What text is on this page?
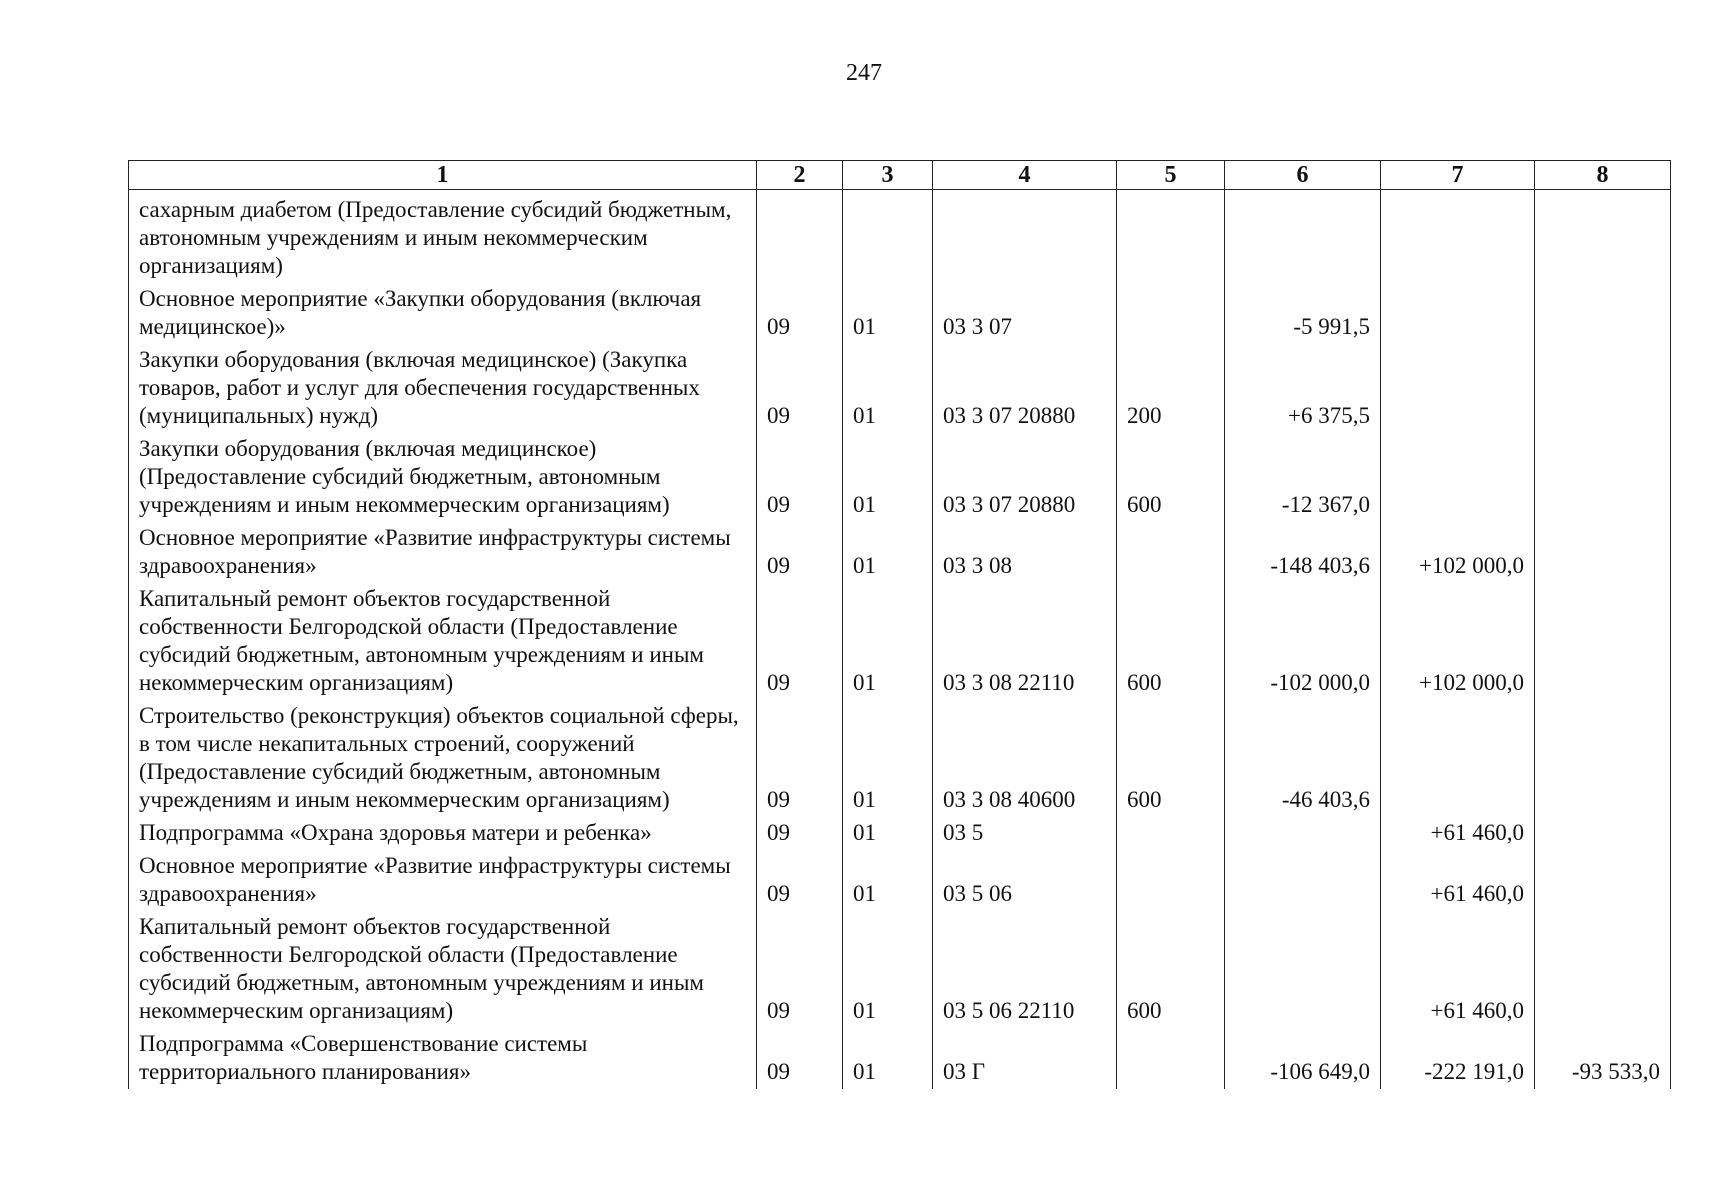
247
1	2	3	4	5	6	7	8
сахарным диабетом (Предоставление субсидий бюджетным, автономным учреждениям и иным некоммерческим организациям)							
Основное мероприятие «Закупки оборудования (включая медицинское)»	09	01	03 3 07		-5 991,5		
Закупки оборудования (включая медицинское) (Закупка товаров, работ и услуг для обеспечения государственных (муниципальных) нужд)	09	01	03 3 07 20880	200	+6 375,5		
Закупки оборудования (включая медицинское) (Предоставление субсидий бюджетным, автономным учреждениям и иным некоммерческим организациям)	09	01	03 3 07 20880	600	-12 367,0		
Основное мероприятие «Развитие инфраструктуры системы здравоохранения»	09	01	03 3 08		-148 403,6	+102 000,0	
Капитальный ремонт объектов государственной собственности Белгородской области (Предоставление субсидий бюджетным, автономным учреждениям и иным некоммерческим организациям)	09	01	03 3 08 22110	600	-102 000,0	+102 000,0	
Строительство (реконструкция) объектов социальной сферы, в том числе некапитальных строений, сооружений (Предоставление субсидий бюджетным, автономным учреждениям и иным некоммерческим организациям)	09	01	03 3 08 40600	600	-46 403,6		
Подпрограмма «Охрана здоровья матери и ребенка»	09	01	03 5			+61 460,0	
Основное мероприятие «Развитие инфраструктуры системы здравоохранения»	09	01	03 5 06			+61 460,0	
Капитальный ремонт объектов государственной собственности Белгородской области (Предоставление субсидий бюджетным, автономным учреждениям и иным некоммерческим организациям)	09	01	03 5 06 22110	600		+61 460,0	
Подпрограмма «Совершенствование системы территориального планирования»	09	01	03 Г		-106 649,0	-222 191,0	-93 533,0
